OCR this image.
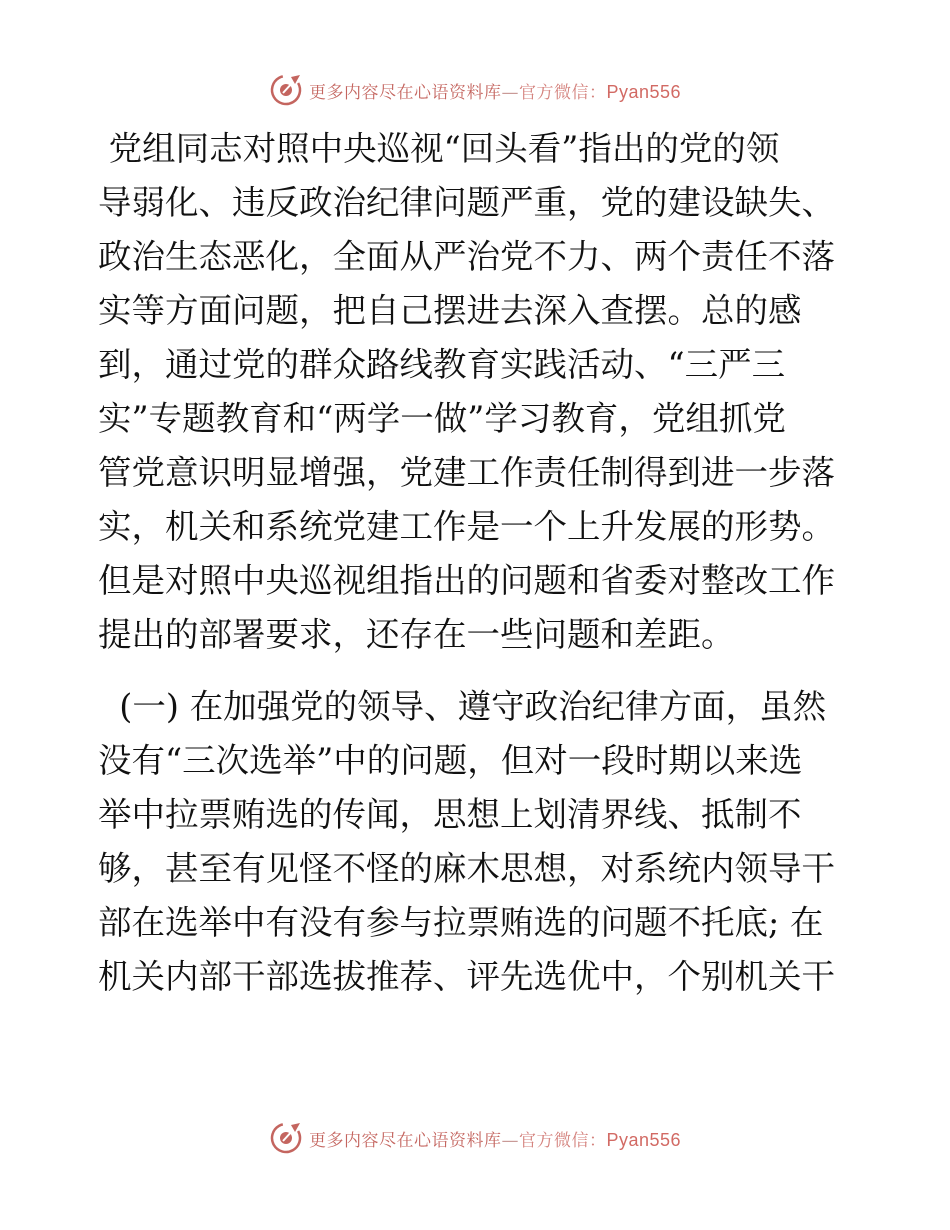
更多内容尽在心语资料库—官方微信：Pyan556
党组同志对照中央巡视“回头看”指出的党的领
导弱化、违反政治纪律问题严重，党的建设缺失、
政治生态恶化，全面从严治党不力、两个责任不落
实等方面问题，把自己摆进去深入查摆。总的感
到，通过党的群众路线教育实践活动、“三严三
实”专题教育和“两学一做”学习教育，党组抓党
管党意识明显增强，党建工作责任制得到进一步落
实，机关和系统党建工作是一个上升发展的形势。
但是对照中央巡视组指出的问题和省委对整改工作
提出的部署要求，还存在一些问题和差距。
(一) 在加强党的领导、遵守政治纪律方面，虽然
没有“三次选举”中的问题，但对一段时期以来选
举中拉票贿选的传闻，思想上划清界线、抵制不
够，甚至有见怪不怪的麻木思想，对系统内领导干
部在选举中有没有参与拉票贿选的问题不托底; 在
机关内部干部选拔推荐、评先选优中，个别机关干
更多内容尽在心语资料库—官方微信：Pyan556
